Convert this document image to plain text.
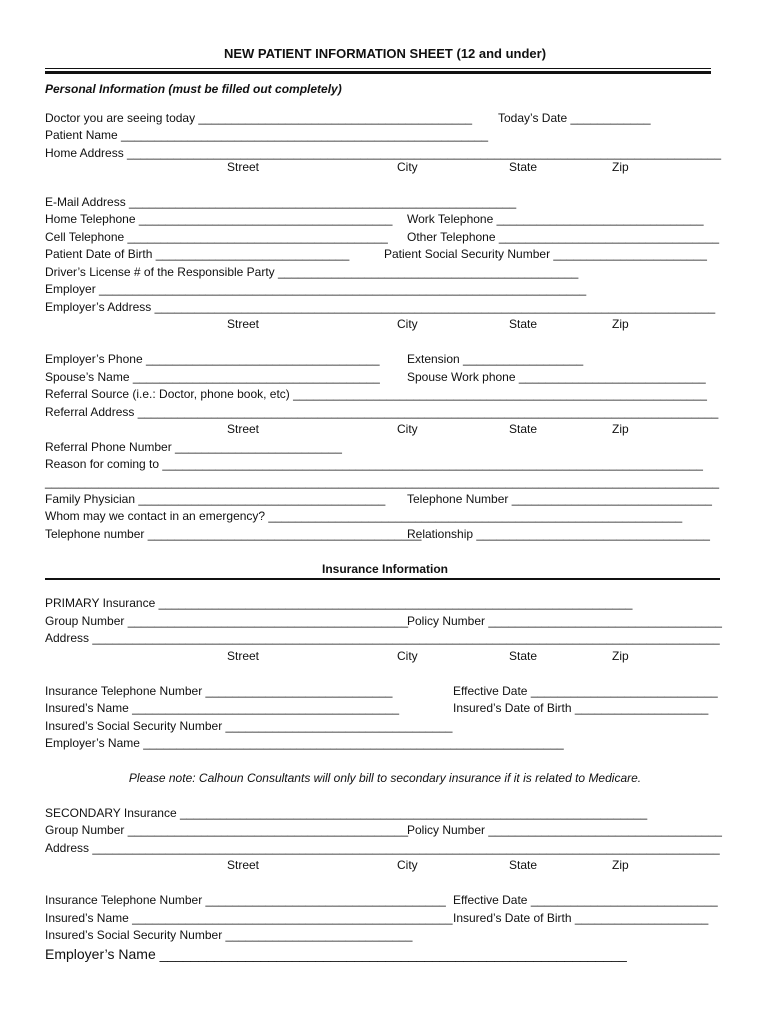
NEW PATIENT INFORMATION SHEET (12 and under)
Personal Information (must be filled out completely)
Doctor you are seeing today _________________________________________ Today’s Date ____________
Patient Name _______________________________________________________
Home Address _________________________________________________________________________________________
Street	City	State	Zip
E-Mail Address __________________________________________________________
Home Telephone ______________________________________ Work Telephone _______________________________
Cell Telephone _______________________________________ Other Telephone _________________________________
Patient Date of Birth _____________________________	Patient Social Security Number _______________________
Driver’s License # of the Responsible Party _____________________________________________
Employer _________________________________________________________________________
Employer’s Address ____________________________________________________________________________________
Street	City	State	Zip
Employer’s Phone ___________________________________ Extension __________________
Spouse’s Name _____________________________________ Spouse Work phone ____________________________
Referral Source (i.e.: Doctor, phone book, etc) ______________________________________________________________
Referral Address _______________________________________________________________________________________
Street	City	State	Zip
Referral Phone Number _________________________
Reason for coming to _________________________________________________________________________________
_____________________________________________________________________________________________________
Family Physician _____________________________________ Telephone Number ______________________________
Whom may we contact in an emergency? ______________________________________________________________
Telephone number _________________________________________
Relationship ___________________________________
Insurance Information
PRIMARY Insurance _______________________________________________________________________
Group Number __________________________________________ Policy Number ___________________________________
Address ______________________________________________________________________________________________
Street	City	State	Zip
Insurance Telephone Number ____________________________	Effective Date ____________________________
Insured’s Name ________________________________________	Insured’s Date of Birth ____________________
Insured’s Social Security Number __________________________________
Employer’s Name _______________________________________________________________
Please note: Calhoun Consultants will only bill to secondary insurance if it is related to Medicare.
SECONDARY Insurance ______________________________________________________________________
Group Number __________________________________________ Policy Number ___________________________________
Address ______________________________________________________________________________________________
Street	City	State	Zip
Insurance Telephone Number ____________________________________ Effective Date ____________________________
Insured’s Name ________________________________________________ Insured’s Date of Birth ____________________
Insured’s Social Security Number ____________________________
Employer’s Name ____________________________________________________________
